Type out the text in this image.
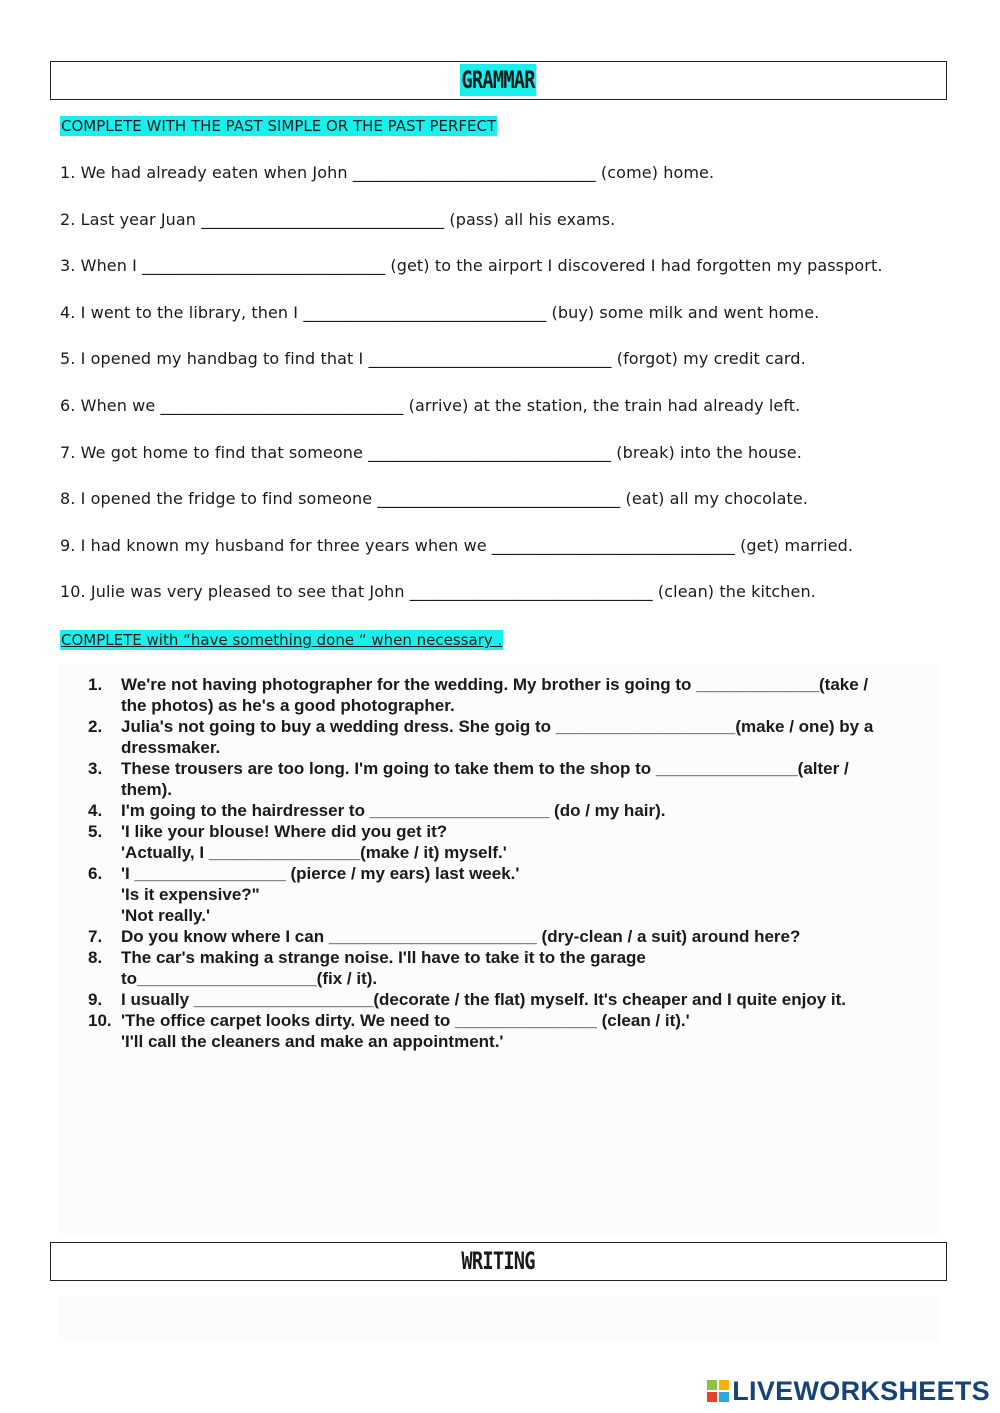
GRAMMAR
COMPLETE WITH THE PAST SIMPLE OR THE PAST PERFECT
1. We had already eaten when John ______________________________ (come) home.
2. Last year Juan ______________________________ (pass) all his exams.
3. When I ______________________________ (get) to the airport I discovered I had forgotten my passport.
4. I went to the library, then I ______________________________ (buy) some milk and went home.
5. I opened my handbag to find that I ______________________________ (forgot) my credit card.
6. When we ______________________________ (arrive) at the station, the train had already left.
7. We got home to find that someone ______________________________ (break) into the house.
8. I opened the fridge to find someone ______________________________ (eat) all my chocolate.
9. I had known my husband for three years when we ______________________________ (get) married.
10. Julie was very pleased to see that John ______________________________ (clean) the kitchen.
COMPLETE with “have something done “ when necessary .
1.	We're not having photographer for the wedding. My brother is going to _____________(take /
the photos) as he's a good photographer.
2.	Julia's not going to buy a wedding dress. She goig to ___________________(make / one) by a
dressmaker.
3.	These trousers are too long. I'm going to take them to the shop to _______________(alter /
them).
4.	I'm going to the hairdresser to ___________________ (do / my hair).
5.	'I like your blouse! Where did you get it?
'Actually, I ________________(make / it) myself.'
6.	'I ________________ (pierce / my ears) last week.'
'Is it expensive?"
'Not really.'
7.	Do you know where I can ______________________ (dry-clean / a suit) around here?
8.	The car's making a strange noise. I'll have to take it to the garage
to___________________(fix / it).
9.	I usually ___________________(decorate / the flat) myself. It's cheaper and I quite enjoy it.
10. 'The office carpet looks dirty. We need to _______________ (clean / it).'
'I'll call the cleaners and make an appointment.'
WRITING
LIVEWORKSHEETS
